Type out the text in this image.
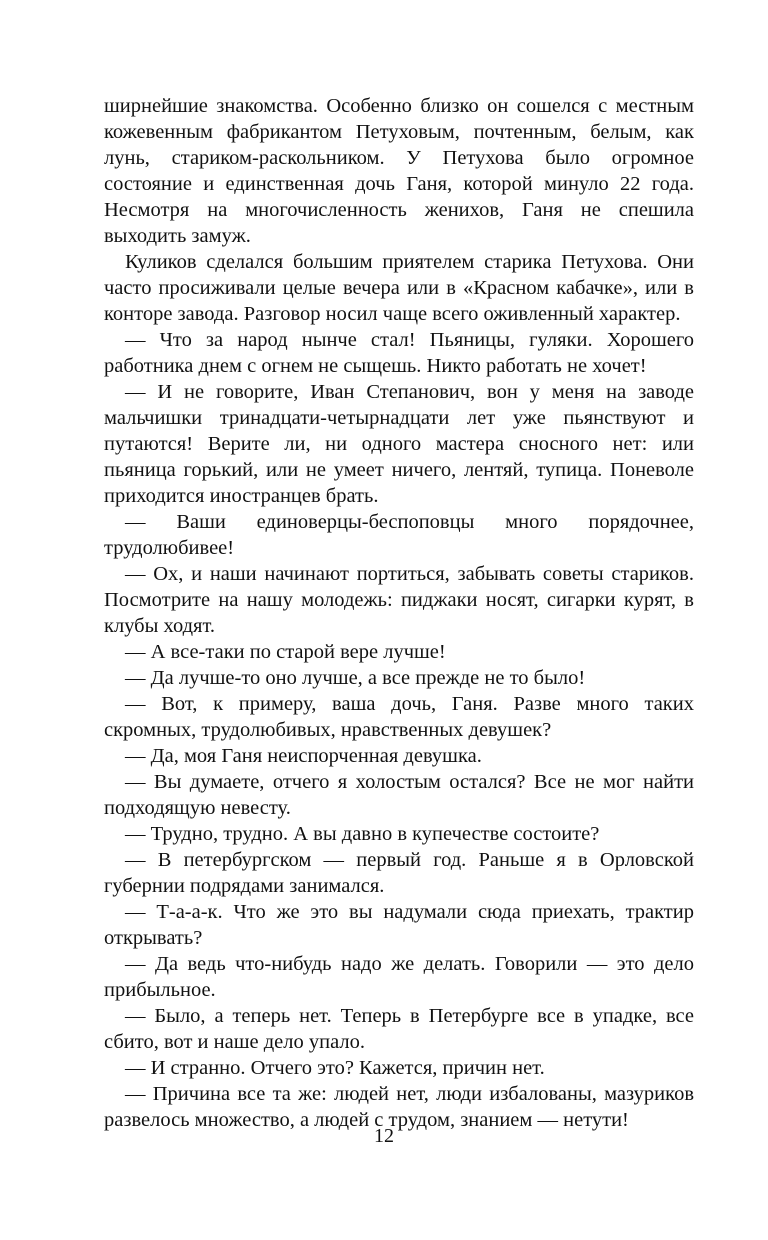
ширнейшие знакомства. Особенно близко он сошелся с местным кожевенным фабрикантом Петуховым, почтенным, белым, как лунь, стариком-раскольником. У Петухова было огромное состояние и единственная дочь Ганя, которой минуло 22 года. Несмотря на многочисленность женихов, Ганя не спешила выходить замуж.

Куликов сделался большим приятелем старика Петухова. Они часто просиживали целые вечера или в «Красном кабачке», или в конторе завода. Разговор носил чаще всего оживленный характер.

— Что за народ нынче стал! Пьяницы, гуляки. Хорошего работника днем с огнем не сыщешь. Никто работать не хочет!

— И не говорите, Иван Степанович, вон у меня на заводе мальчишки тринадцати-четырнадцати лет уже пьянствуют и путаются! Верите ли, ни одного мастера сносного нет: или пьяница горький, или не умеет ничего, лентяй, тупица. Поневоле приходится иностранцев брать.

— Ваши единоверцы-беспоповцы много порядочнее, трудолюбивее!

— Ох, и наши начинают портиться, забывать советы стариков. Посмотрите на нашу молодежь: пиджаки носят, сигарки курят, в клубы ходят.

— А все-таки по старой вере лучше!

— Да лучше-то оно лучше, а все прежде не то было!

— Вот, к примеру, ваша дочь, Ганя. Разве много таких скромных, трудолюбивых, нравственных девушек?

— Да, моя Ганя неиспорченная девушка.

— Вы думаете, отчего я холостым остался? Все не мог найти подходящую невесту.

— Трудно, трудно. А вы давно в купечестве состоите?

— В петербургском — первый год. Раньше я в Орловской губернии подрядами занимался.

— Т-а-а-к. Что же это вы надумали сюда приехать, трактир открывать?

— Да ведь что-нибудь надо же делать. Говорили — это дело прибыльное.

— Было, а теперь нет. Теперь в Петербурге все в упадке, все сбито, вот и наше дело упало.

— И странно. Отчего это? Кажется, причин нет.

— Причина все та же: людей нет, люди избалованы, мазуриков развелось множество, а людей с трудом, знанием — нетути!

12
